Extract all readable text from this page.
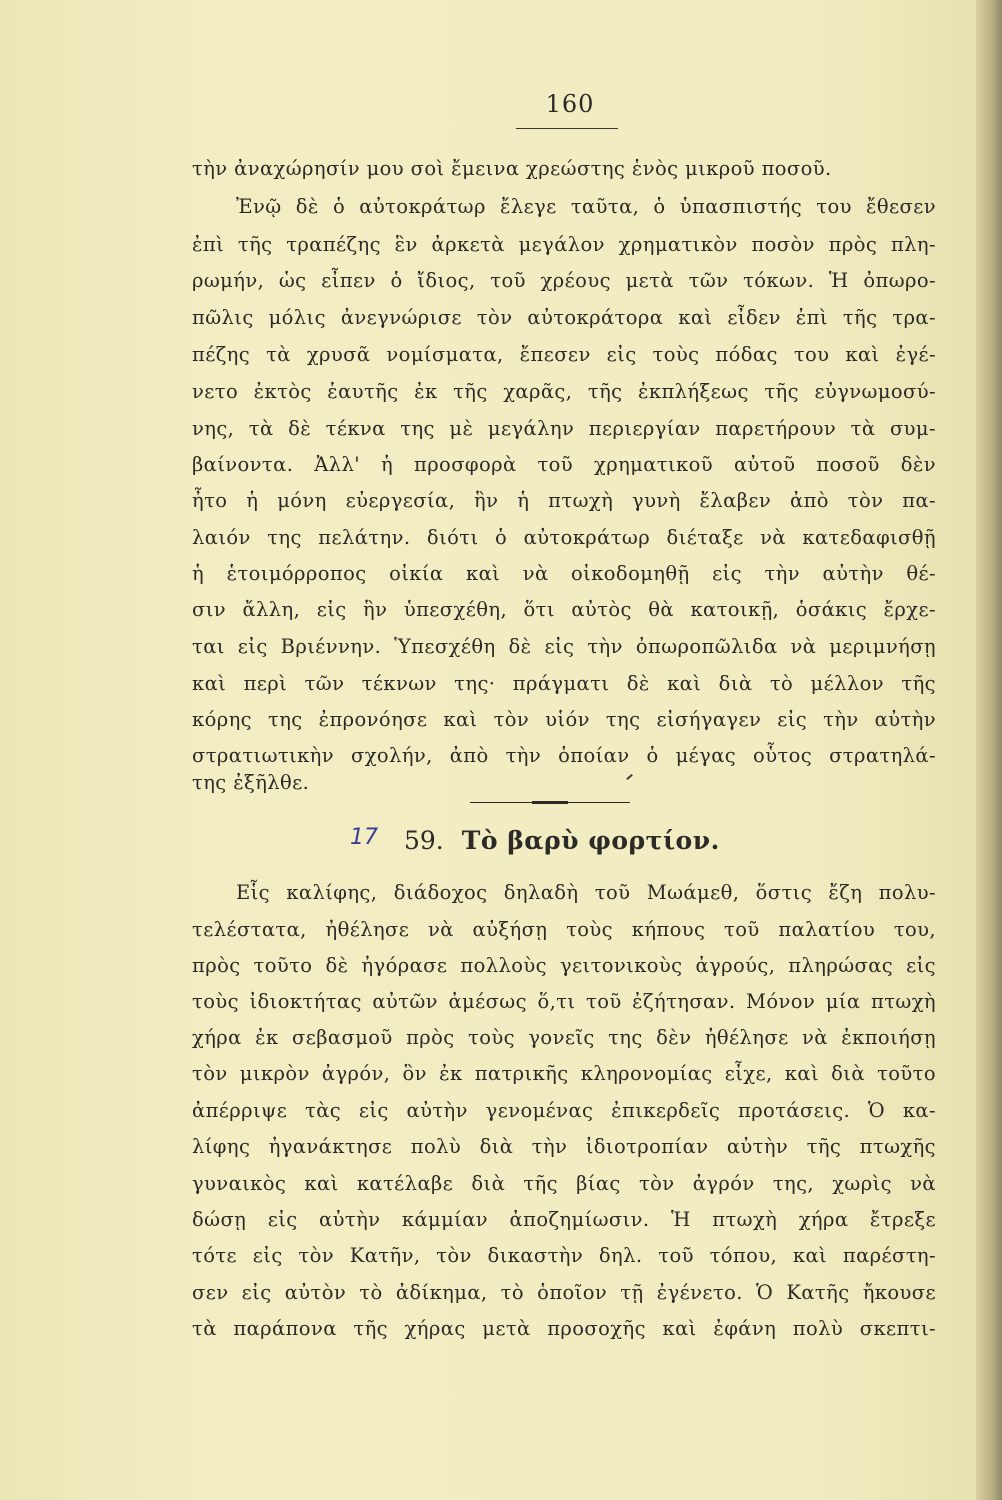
160
τὴν ἀναχώρησίν μου σοὶ ἔμεινα χρεώστης ἑνὸς μικροῦ ποσοῦ.
Ἐνῷ δὲ ὁ αὐτοκράτωρ ἔλεγε ταῦτα, ὁ ὑπασπιστής του ἔθεσεν
ἐπὶ τῆς τραπέζης ἓν ἀρκετὰ μεγάλον χρηματικὸν ποσὸν πρὸς πλη-
ρωμήν, ὡς εἶπεν ὁ ἴδιος, τοῦ χρέους μετὰ τῶν τόκων. Ἡ ὀπωρο-
πῶλις μόλις ἀνεγνώρισε τὸν αὐτοκράτορα καὶ εἶδεν ἐπὶ τῆς τρα-
πέζης τὰ χρυσᾶ νομίσματα, ἔπεσεν εἰς τοὺς πόδας του καὶ ἐγέ-
νετο ἐκτὸς ἑαυτῆς ἐκ τῆς χαρᾶς, τῆς ἐκπλήξεως τῆς εὐγνωμοσύ-
νης, τὰ δὲ τέκνα της μὲ μεγάλην περιεργίαν παρετήρουν τὰ συμ-
βαίνοντα. Ἀλλ' ἡ προσφορὰ τοῦ χρηματικοῦ αὐτοῦ ποσοῦ δὲν
ἦτο ἡ μόνη εὐεργεσία, ἣν ἡ πτωχὴ γυνὴ ἔλαβεν ἀπὸ τὸν πα-
λαιόν της πελάτην. διότι ὁ αὐτοκράτωρ διέταξε νὰ κατεδαφισθῇ
ἡ ἑτοιμόρροπος οἰκία καὶ νὰ οἰκοδομηθῇ εἰς τὴν αὐτὴν θέ-
σιν ἄλλη, εἰς ἣν ὑπεσχέθη, ὅτι αὐτὸς θὰ κατοικῇ, ὁσάκις ἔρχε-
ται εἰς Βριέννην. Ὑπεσχέθη δὲ εἰς τὴν ὀπωροπῶλιδα νὰ μεριμνήσῃ
καὶ περὶ τῶν τέκνων της· πράγματι δὲ καὶ διὰ τὸ μέλλον τῆς
κόρης της ἐπρονόησε καὶ τὸν υἱόν της εἰσήγαγεν εἰς τὴν αὐτὴν
στρατιωτικὴν σχολήν, ἀπὸ τὴν ὁποίαν ὁ μέγας οὗτος στρατηλά-
της ἐξῆλθε.
17 59. Τὸ βαρὺ φορτίον.
Εἷς καλίφης, διάδοχος δηλαδὴ τοῦ Μωάμεθ, ὅστις ἔζη πολυ-
τελέστατα, ἠθέλησε νὰ αὐξήσῃ τοὺς κήπους τοῦ παλατίου του,
πρὸς τοῦτο δὲ ἠγόρασε πολλοὺς γειτονικοὺς ἀγρούς, πληρώσας εἰς
τοὺς ἰδιοκτήτας αὐτῶν ἀμέσως ὅ,τι τοῦ ἐζήτησαν. Μόνον μία πτωχὴ
χήρα ἐκ σεβασμοῦ πρὸς τοὺς γονεῖς της δὲν ἠθέλησε νὰ ἐκποιήσῃ
τὸν μικρὸν ἀγρόν, ὃν ἐκ πατρικῆς κληρονομίας εἶχε, καὶ διὰ τοῦτο
ἀπέρριψε τὰς εἰς αὐτὴν γενομένας ἐπικερδεῖς προτάσεις. Ὁ κα-
λίφης ἠγανάκτησε πολὺ διὰ τὴν ἰδιοτροπίαν αὐτὴν τῆς πτωχῆς
γυναικὸς καὶ κατέλαβε διὰ τῆς βίας τὸν ἀγρόν της, χωρὶς νὰ
δώσῃ εἰς αὐτὴν κάμμίαν ἀποζημίωσιν. Ἡ πτωχὴ χήρα ἔτρεξε
τότε εἰς τὸν Κατῆν, τὸν δικαστὴν δηλ. τοῦ τόπου, καὶ παρέστη-
σεν εἰς αὐτὸν τὸ ἀδίκημα, τὸ ὁποῖον τῇ ἐγένετο. Ὁ Κατῆς ἤκουσε
τὰ παράπονα τῆς χήρας μετὰ προσοχῆς καὶ ἐφάνη πολὺ σκεπτι-
